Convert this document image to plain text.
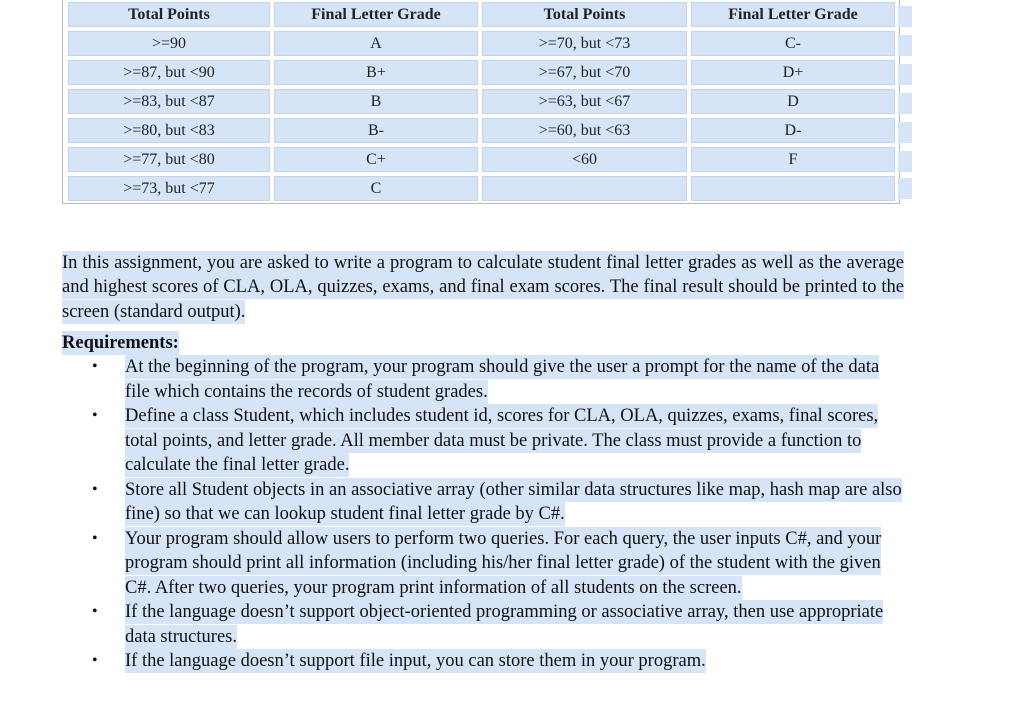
Total Points	Final Letter Grade	Total Points	Final Letter Grade
>=90	A	>=70, but <73	C-
>=87, but <90	B+	>=67, but <70	D+
>=83, but <87	B	>=63, but <67	D
>=80, but <83	B-	>=60, but <63	D-
>=77, but <80	C+	<60	F
>=73, but <77	C

In this assignment, you are asked to write a program to calculate student final letter grades as well as the average and highest scores of CLA, OLA, quizzes, exams, and final exam scores. The final result should be printed to the screen (standard output).

Requirements:
• At the beginning of the program, your program should give the user a prompt for the name of the data file which contains the records of student grades.
• Define a class Student, which includes student id, scores for CLA, OLA, quizzes, exams, final scores, total points, and letter grade. All member data must be private. The class must provide a function to calculate the final letter grade.
• Store all Student objects in an associative array (other similar data structures like map, hash map are also fine) so that we can lookup student final letter grade by C#.
• Your program should allow users to perform two queries. For each query, the user inputs C#, and your program should print all information (including his/her final letter grade) of the student with the given C#. After two queries, your program print information of all students on the screen.
• If the language doesn’t support object-oriented programming or associative array, then use appropriate data structures.
• If the language doesn’t support file input, you can store them in your program.
